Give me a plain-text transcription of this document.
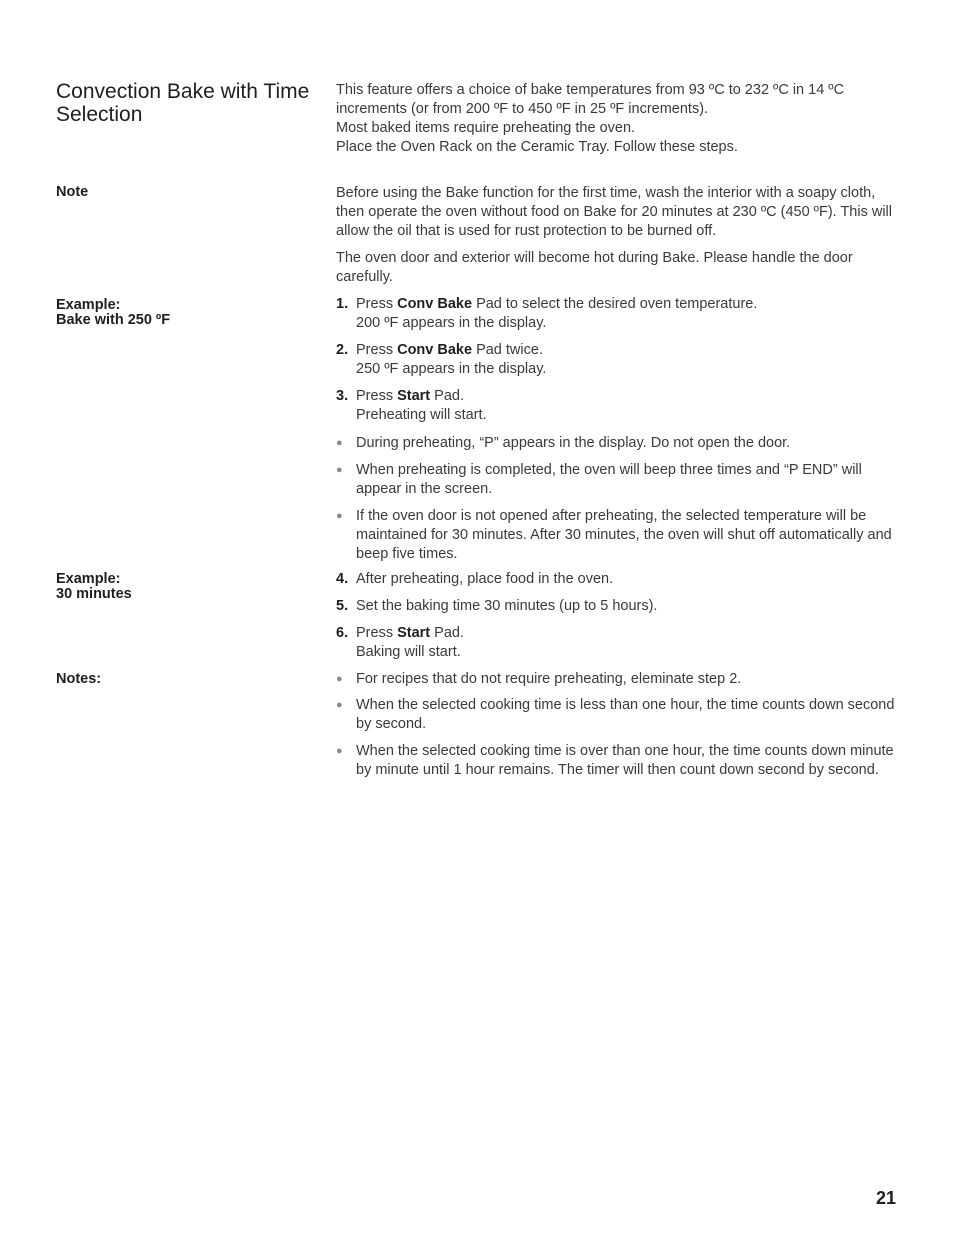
Convection Bake with Time Selection

This feature offers a choice of bake temperatures from 93 ºC to 232 ºC in 14 ºC increments (or from 200 ºF to 450 ºF in 25 ºF increments).

Most baked items require preheating the oven.

Place the Oven Rack on the Ceramic Tray. Follow these steps.

Note	Before using the Bake function for the first time, wash the interior with a soapy cloth, then operate the oven without food on Bake for 20 minutes at 230 ºC (450 ºF). This will allow the oil that is used for rust protection to be burned off.

The oven door and exterior will become hot during Bake. Please handle the door carefully.

Example:
Bake with 250 ºF
1. Press Conv Bake Pad to select the desired oven temperature.
200 ºF appears in the display.
2. Press Conv Bake Pad twice.
250 ºF appears in the display.
3. Press Start Pad.
Preheating will start.
● During preheating, “P” appears in the display. Do not open the door.
● When preheating is completed, the oven will beep three times and “P END” will appear in the screen.
● If the oven door is not opened after preheating, the selected temperature will be maintained for 30 minutes. After 30 minutes, the oven will shut off automatically and beep five times.
Example:
30 minutes
4. After preheating, place food in the oven.
5. Set the baking time 30 minutes (up to 5 hours).
6. Press Start Pad.
Baking will start.
Notes:	● For recipes that do not require preheating, eleminate step 2.
● When the selected cooking time is less than one hour, the time counts down second by second.
● When the selected cooking time is over than one hour, the time counts down minute by minute until 1 hour remains. The timer will then count down second by second.
21
